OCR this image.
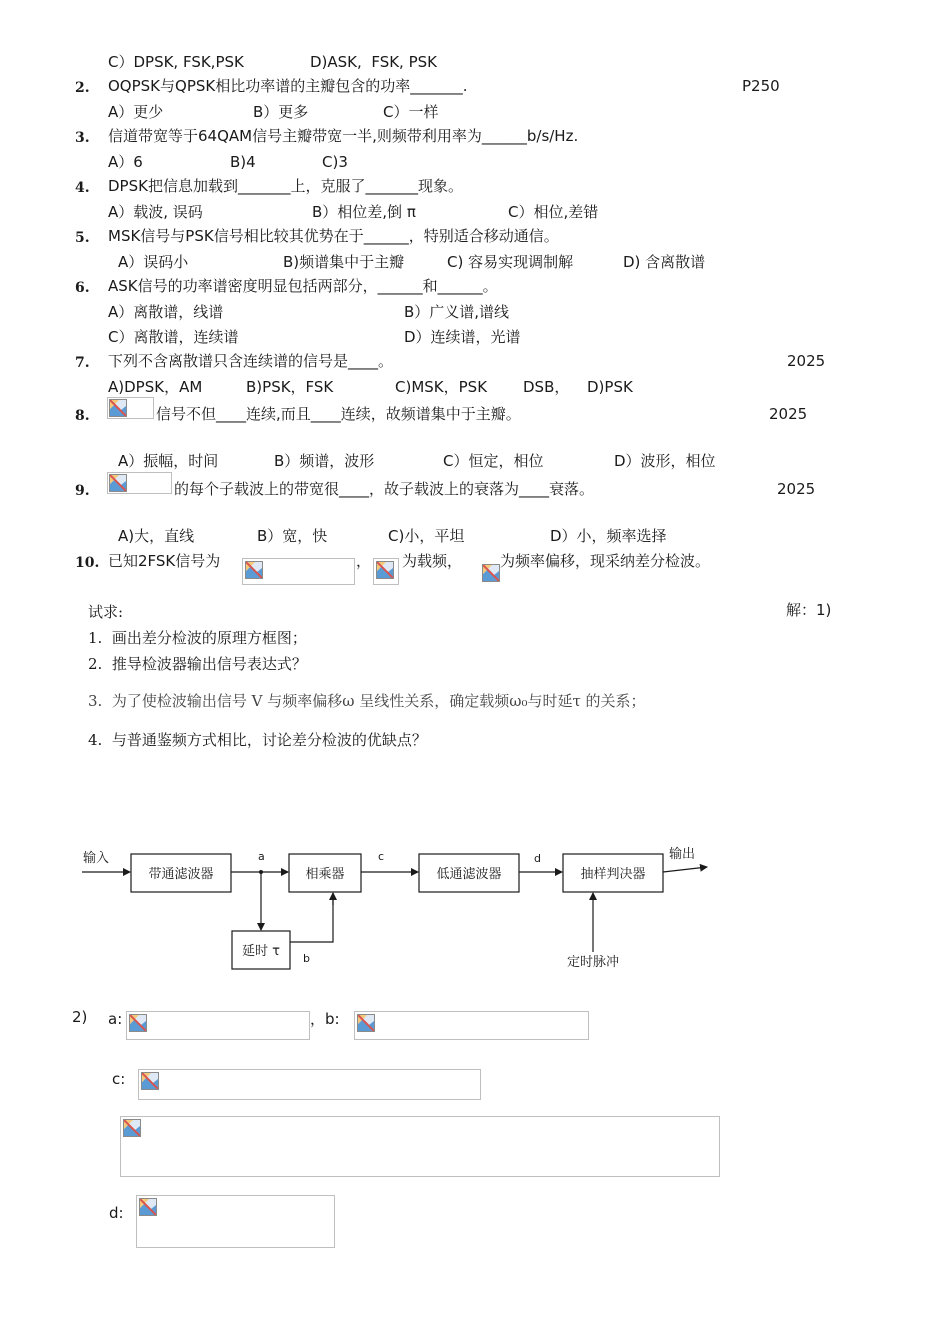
C）DPSK, FSK,PSK	D)ASK,  FSK, PSK
2. OQPSK与QPSK相比功率谱的主瓣包含的功率_______.	P250
A）更少	B）更多	C）一样
3. 信道带宽等于64QAM信号主瓣带宽一半,则频带利用率为______b/s/Hz.
A）6	B)4	C)3
4. DPSK把信息加载到_______上，克服了_______现象。
A）载波, 误码	B）相位差,倒 π	C）相位,差错
5. MSK信号与PSK信号相比较其优势在于______，特别适合移动通信。
A）误码小	B)频谱集中于主瓣	C) 容易实现调制解	D) 含离散谱
6. ASK信号的功率谱密度明显包括两部分，______和______。
A）离散谱，线谱	B）广义谱,谱线
C）离散谱，连续谱	D）连续谱，光谱
7. 下列不含离散谱只含连续谱的信号是____。	2025
A)DPSK，AM	B)PSK，FSK	C)MSK，PSK DSB， D)PSK
8.	信号不但____连续,而且____连续，故频谱集中于主瓣。	2025
A）振幅，时间	B）频谱，波形	C）恒定，相位	D）波形，相位
9.	的每个子载波上的带宽很____，故子载波上的衰落为____衰落。	2025
A)大，直线	B）宽，快	C)小，平坦	D）小，频率选择
10. 已知2FSK信号为	， 为载频，	为频率偏移，现采纳差分检波。
试求:	解：1)
1.  画出差分检波的原理方框图；
2.  推导检波器输出信号表达式？
3.  为了使检波输出信号 V 与频率偏移ω 呈线性关系，确定载频ω₀与时延τ 的关系；
4.  与普通鉴频方式相比，讨论差分检波的优缺点？
输入	输出
带通滤波器	相乘器	低通滤波器	抽样判决器
延时 τ
定时脉冲
a
b
c	d
2) a:	，b:
c:
d:
